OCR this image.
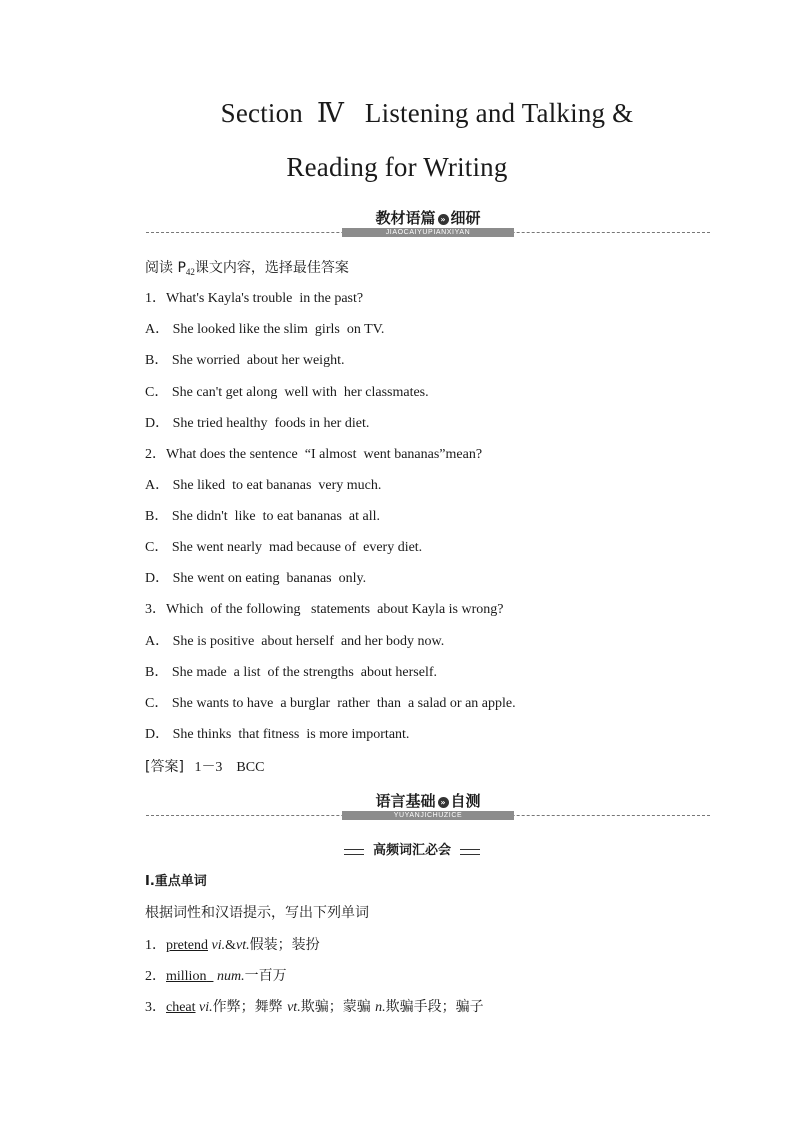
Section  Ⅳ   Listening and Talking &
Reading for Writing
JIAOCAIYUPIANXIYAN
教材语篇 » 细研
阅读 $P_{42}$课文内容，选择最佳答案
1．What's Kayla's trouble  in the past?
A． She looked like the slim  girls  on TV.
B． She worried  about her weight.
C． She can't get along  well with  her classmates.
D． She tried healthy  foods in her diet.
2．What does the sentence  “I almost  went bananas”mean?
A． She liked  to eat bananas  very much.
B． She didn't  like  to eat bananas  at all.
C． She went nearly  mad because of  every diet.
D． She went on eating  bananas  only.
3．Which  of the following   statements  about Kayla is wrong?
A． She is positive  about herself  and her body now.
B． She made  a list  of the strengths  about herself.
C． She wants to have  a burglar  rather  than  a salad or an apple.
D． She thinks  that fitness  is more important.
[答案] 1－3    BCC
YUYANJICHUZICE
语言基础 » 自测
高频词汇必会
Ⅰ.重点单词
根据词性和汉语提示，写出下列单词
1．pretend vi.&vt.假装；装扮
2．million num.一百万
3．cheat vi.作弊；舞弊 vt.欺骗；蒙骗 n.欺骗手段；骗子
